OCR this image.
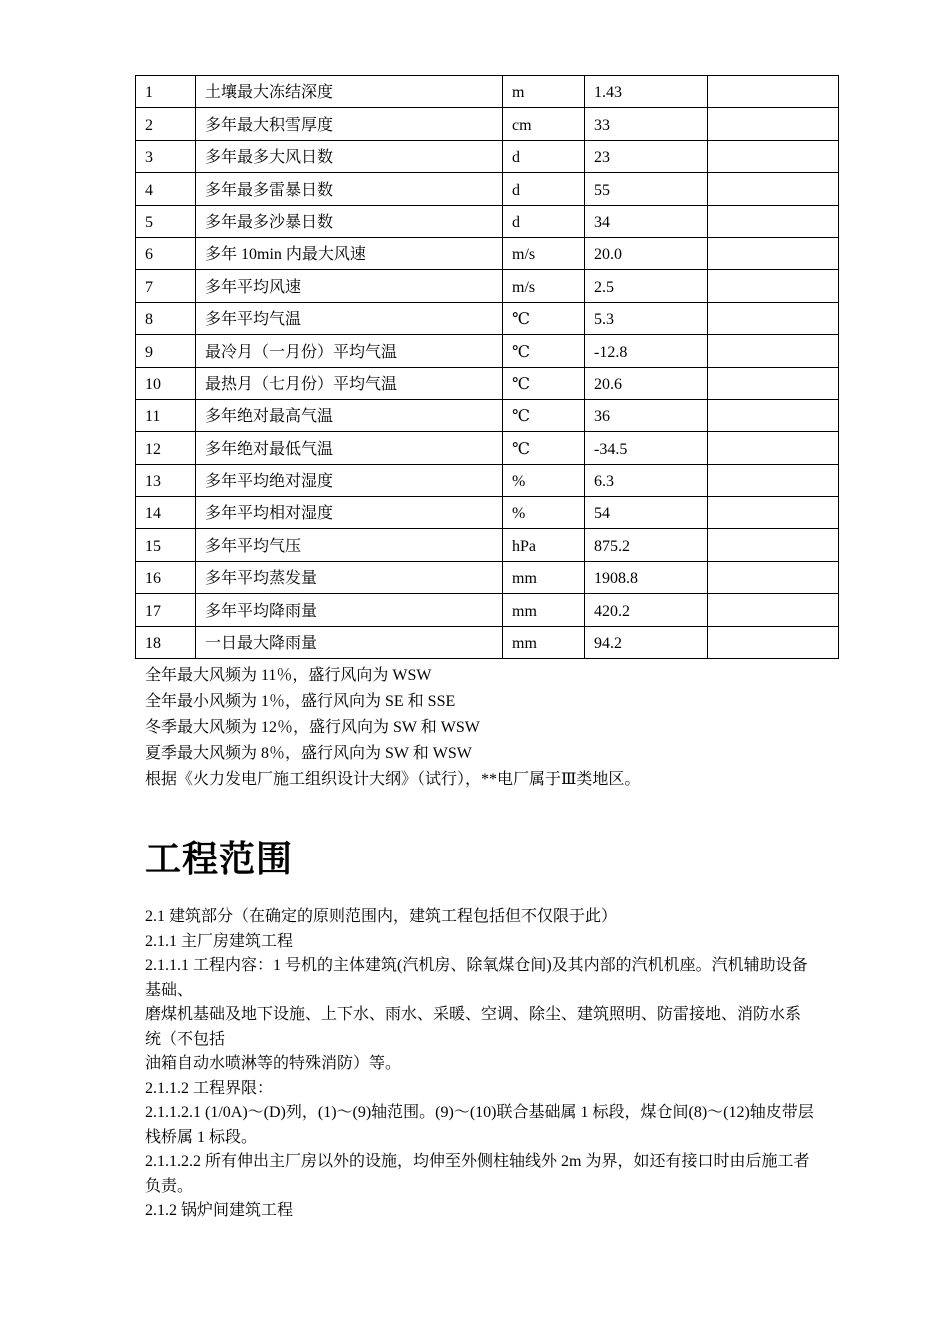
1	土壤最大冻结深度	m	1.43	

2	多年最大积雪厚度	cm	33	

3	多年最多大风日数	d	23	

4	多年最多雷暴日数	d	55	

5	多年最多沙暴日数	d	34	

6	多年 10min 内最大风速	m/s	20.0	

7	多年平均风速	m/s	2.5	

8	多年平均气温	℃	5.3	

9	最冷月（一月份）平均气温	℃	-12.8	

10	最热月（七月份）平均气温	℃	20.6	

11	多年绝对最高气温	℃	36	

12	多年绝对最低气温	℃	-34.5	

13	多年平均绝对湿度	%	6.3	

14	多年平均相对湿度	%	54	

15	多年平均气压	hPa	875.2	

16	多年平均蒸发量	mm	1908.8	

17	多年平均降雨量	mm	420.2	

18	一日最大降雨量	mm	94.2	

全年最大风频为 11％，盛行风向为 WSW
全年最小风频为 1％，盛行风向为 SE 和 SSE
冬季最大风频为 12％，盛行风向为 SW 和 WSW
夏季最大风频为 8％，盛行风向为 SW 和 WSW
根据《火力发电厂施工组织设计大纲》（试行），**电厂属于Ⅲ类地区。
工程范围

2.1 建筑部分（在确定的原则范围内，建筑工程包括但不仅限于此）

2.1.1 主厂房建筑工程

2.1.1.1 工程内容：1 号机的主体建筑(汽机房、除氧煤仓间)及其内部的汽机机座。汽机辅助设备基础、

磨煤机基础及地下设施、上下水、雨水、采暖、空调、除尘、建筑照明、防雷接地、消防水系统（不包括

油箱自动水喷淋等的特殊消防）等。

2.1.1.2 工程界限：

2.1.1.2.1 (1/0A)～(D)列，(1)～(9)轴范围。(9)～(10)联合基础属 1 标段，煤仓间(8)～(12)轴皮带层栈桥属 1 标段。

2.1.1.2.2 所有伸出主厂房以外的设施，均伸至外侧柱轴线外 2m 为界，如还有接口时由后施工者负责。

2.1.2 锅炉间建筑工程
